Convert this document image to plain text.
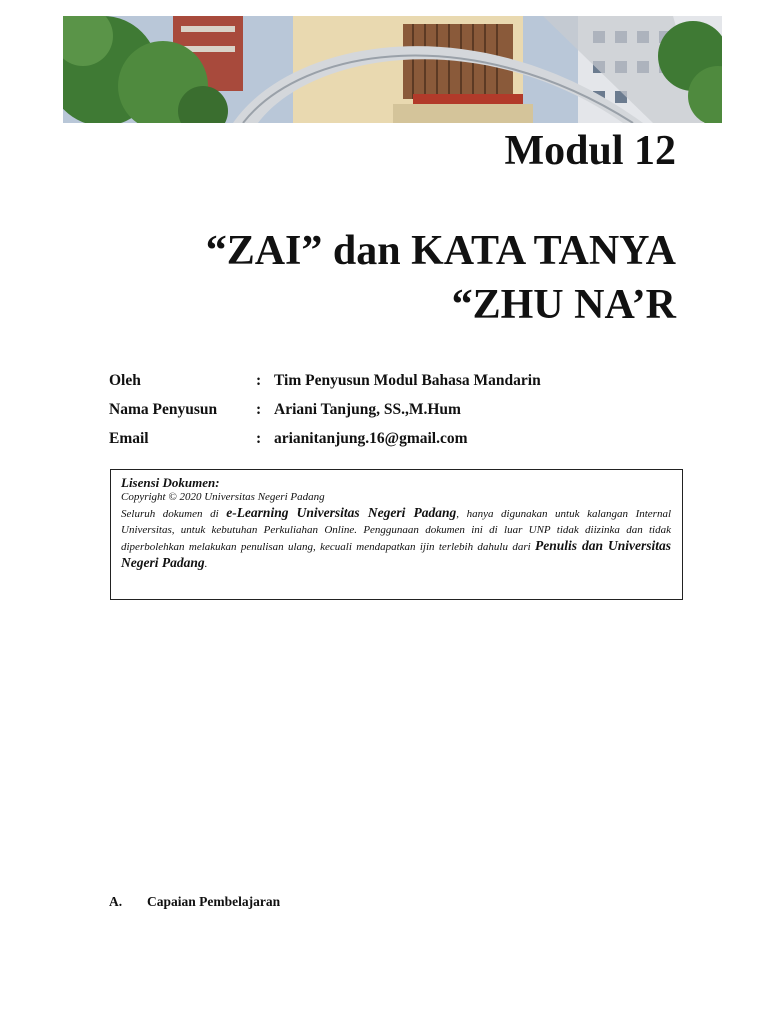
Modul 12
“ZAI” dan KATA TANYA
“ZHU NA’R
Oleh	: Tim Penyusun Modul Bahasa Mandarin
Nama Penyusun	: Ariani Tanjung, SS.,M.Hum
Email	: arianitanjung.16@gmail.com
Lisensi Dokumen:
Copyright © 2020 Universitas Negeri Padang
Seluruh dokumen di e-Learning Universitas Negeri Padang, hanya digunakan untuk kalangan Internal Universitas, untuk kebutuhan Perkuliahan Online. Penggunaan dokumen ini di luar UNP tidak diizinka dan tidak diperbolehkan melakukan penulisan ulang, kecuali mendapatkan ijin terlebih dahulu dari Penulis dan Universitas Negeri Padang.
A.	Capaian Pembelajaran
